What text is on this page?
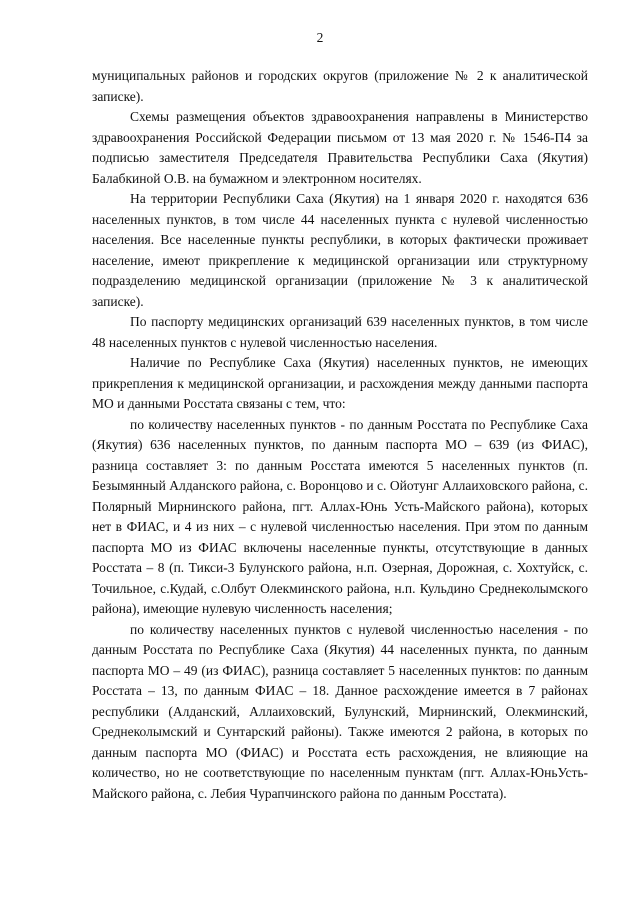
2

муниципальных районов и городских округов (приложение № 2 к аналитической записке).

Схемы размещения объектов здравоохранения направлены в Министерство здравоохранения Российской Федерации письмом от 13 мая 2020 г. № 1546-П4 за подписью заместителя Председателя Правительства Республики Саха (Якутия) Балабкиной О.В. на бумажном и электронном носителях.

На территории Республики Саха (Якутия) на 1 января 2020 г. находятся 636 населенных пунктов, в том числе 44 населенных пункта с нулевой численностью населения. Все населенные пункты республики, в которых фактически проживает население, имеют прикрепление к медицинской организации или структурному подразделению медицинской организации (приложение № 3 к аналитической записке).

По паспорту медицинских организаций 639 населенных пунктов, в том числе 48 населенных пунктов с нулевой численностью населения.

Наличие по Республике Саха (Якутия) населенных пунктов, не имеющих прикрепления к медицинской организации, и расхождения между данными паспорта МО и данными Росстата связаны с тем, что:

по количеству населенных пунктов - по данным Росстата по Республике Саха (Якутия) 636 населенных пунктов, по данным паспорта МО – 639 (из ФИАС), разница составляет 3: по данным Росстата имеются 5 населенных пунктов (п. Безымянный Алданского района, с. Воронцово и с. Ойотунг Аллаиховского района, с. Полярный Мирнинского района, пгт. Аллах-Юнь Усть-Майского района), которых нет в ФИАС, и 4 из них – с нулевой численностью населения. При этом по данным паспорта МО из ФИАС включены населенные пункты, отсутствующие в данных Росстата – 8 (п. Тикси-3 Булунского района, н.п. Озерная, Дорожная, с. Хохтуйск, с. Точильное, с.Кудай, с.Олбут Олекминского района, н.п. Кульдино Среднеколымского района), имеющие нулевую численность населения;

по количеству населенных пунктов с нулевой численностью населения - по данным Росстата по Республике Саха (Якутия) 44 населенных пункта, по данным паспорта МО – 49 (из ФИАС), разница составляет 5 населенных пунктов: по данным Росстата – 13, по данным ФИАС – 18. Данное расхождение имеется в 7 районах республики (Алданский, Аллаиховский, Булунский, Мирнинский, Олекминский, Среднеколымский и Сунтарский районы). Также имеются 2 района, в которых по данным паспорта МО (ФИАС) и Росстата есть расхождения, не влияющие на количество, но не соответствующие по населенным пунктам (пгт. Аллах-ЮньУсть-Майского района, с. Лебия Чурапчинского района по данным Росстата).
